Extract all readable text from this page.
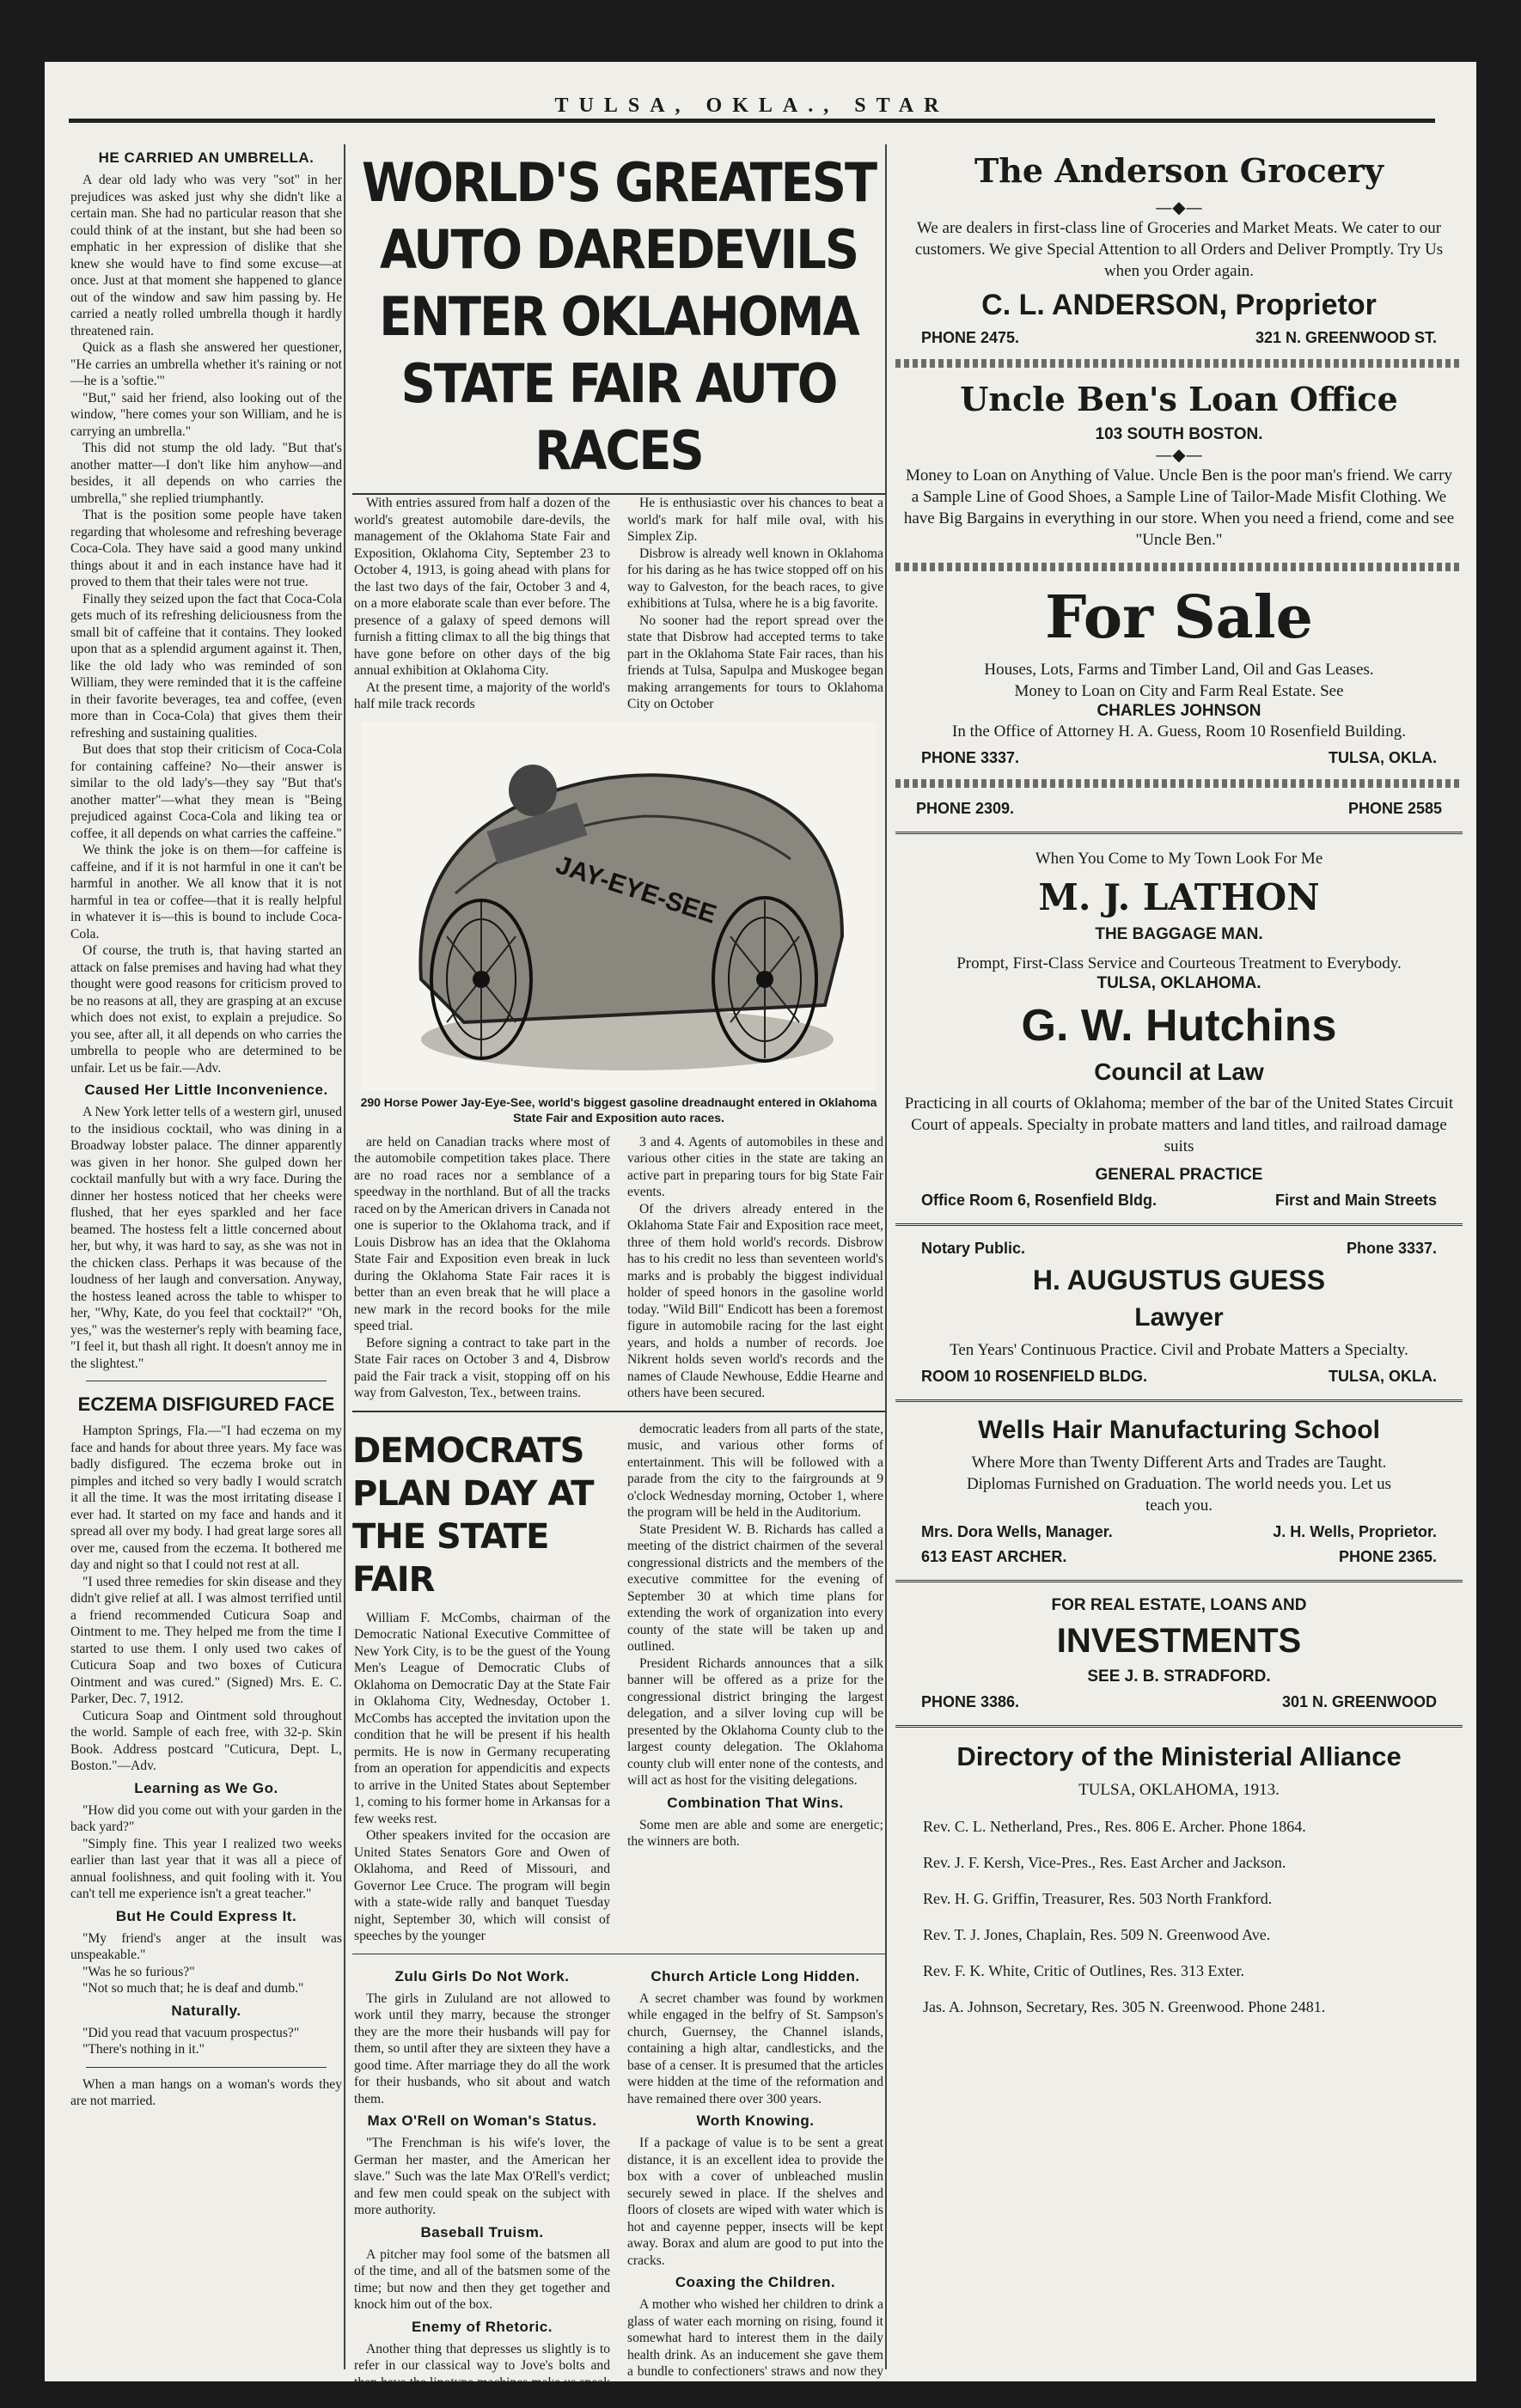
TULSA, OKLA., STAR
HE CARRIED AN UMBRELLA.

A dear old lady who was very "sot" in her prejudices was asked just why she didn't like a certain man. She had no particular reason that she could think of at the instant, but she had been so emphatic in her expression of dislike that she knew she would have to find some excuse—at once. Just at that moment she happened to glance out of the window and saw him passing by. He carried a neatly rolled umbrella though it hardly threatened rain.

Quick as a flash she answered her questioner, "He carries an umbrella whether it's raining or not—he is a 'softie.'"

"But," said her friend, also looking out of the window, "here comes your son William, and he is carrying an umbrella."

This did not stump the old lady. "But that's another matter—I don't like him anyhow—and besides, it all depends on who carries the umbrella," she replied triumphantly.

That is the position some people have taken regarding that wholesome and refreshing beverage Coca-Cola. They have said a good many unkind things about it and in each instance have had it proved to them that their tales were not true.

Finally they seized upon the fact that Coca-Cola gets much of its refreshing deliciousness from the small bit of caffeine that it contains. They looked upon that as a splendid argument against it. Then, like the old lady who was reminded of son William, they were reminded that it is the caffeine in their favorite beverages, tea and coffee, (even more than in Coca-Cola) that gives them their refreshing and sustaining qualities.

But does that stop their criticism of Coca-Cola for containing caffeine? No—their answer is similar to the old lady's—they say "But that's another matter"—what they mean is "Being prejudiced against Coca-Cola and liking tea or coffee, it all depends on what carries the caffeine."

We think the joke is on them—for caffeine is caffeine, and if it is not harmful in one it can't be harmful in another. We all know that it is not harmful in tea or coffee—that it is really helpful in whatever it is—this is bound to include Coca-Cola.

Of course, the truth is, that having started an attack on false premises and having had what they thought were good reasons for criticism proved to be no reasons at all, they are grasping at an excuse which does not exist, to explain a prejudice. So you see, after all, it all depends on who carries the umbrella to people who are determined to be unfair. Let us be fair.—Adv.

Caused Her Little Inconvenience.

A New York letter tells of a western girl, unused to the insidious cocktail, who was dining in a Broadway lobster palace. The dinner apparently was given in her honor. She gulped down her cocktail manfully but with a wry face. During the dinner her hostess noticed that her cheeks were flushed, that her eyes sparkled and her face beamed. The hostess felt a little concerned about her, but why, it was hard to say, as she was not in the chicken class. Perhaps it was because of the loudness of her laugh and conversation. Anyway, the hostess leaned across the table to whisper to her, "Why, Kate, do you feel that cocktail?" "Oh, yes," was the westerner's reply with beaming face, "I feel it, but thash all right. It doesn't annoy me in the slightest."

ECZEMA DISFIGURED FACE

Hampton Springs, Fla.—"I had eczema on my face and hands for about three years. My face was badly disfigured. The eczema broke out in pimples and itched so very badly I would scratch it all the time. It was the most irritating disease I ever had. It started on my face and hands and it spread all over my body. I had great large sores all over me, caused from the eczema. It bothered me day and night so that I could not rest at all.

"I used three remedies for skin disease and they didn't give relief at all. I was almost terrified until a friend recommended Cuticura Soap and Ointment to me. They helped me from the time I started to use them. I only used two cakes of Cuticura Soap and two boxes of Cuticura Ointment and was cured." (Signed) Mrs. E. C. Parker, Dec. 7, 1912.

Cuticura Soap and Ointment sold throughout the world. Sample of each free, with 32-p. Skin Book. Address postcard "Cuticura, Dept. L, Boston."—Adv.

Learning as We Go.

"How did you come out with your garden in the back yard?"

"Simply fine. This year I realized two weeks earlier than last year that it was all a piece of annual foolishness, and quit fooling with it. You can't tell me experience isn't a great teacher."

But He Could Express It.

"My friend's anger at the insult was unspeakable."

"Was he so furious?"

"Not so much that; he is deaf and dumb."

Naturally.

"Did you read that vacuum prospectus?"

"There's nothing in it."

When a man hangs on a woman's words they are not married.

WORLD'S GREATEST AUTO DAREDEVILS ENTER OKLAHOMA STATE FAIR AUTO RACES

With entries assured from half a dozen of the world's greatest automobile dare-devils, the management of the Oklahoma State Fair and Exposition, Oklahoma City, September 23 to October 4, 1913, is going ahead with plans for the last two days of the fair, October 3 and 4, on a more elaborate scale than ever before. The presence of a galaxy of speed demons will furnish a fitting climax to all the big things that have gone before on other days of the big annual exhibition at Oklahoma City.

At the present time, a majority of the world's half mile track records

He is enthusiastic over his chances to beat a world's mark for half mile oval, with his Simplex Zip.

Disbrow is already well known in Oklahoma for his daring as he has twice stopped off on his way to Galveston, for the beach races, to give exhibitions at Tulsa, where he is a big favorite.

No sooner had the report spread over the state that Disbrow had accepted terms to take part in the Oklahoma State Fair races, than his friends at Tulsa, Sapulpa and Muskogee began making arrangements for tours to Oklahoma City on October

JAY-EYE-SEE
290 Horse Power Jay-Eye-See, world's biggest gasoline dreadnaught entered in Oklahoma State Fair and Exposition auto races.

are held on Canadian tracks where most of the automobile competition takes place. There are no road races nor a semblance of a speedway in the northland. But of all the tracks raced on by the American drivers in Canada not one is superior to the Oklahoma track, and if Louis Disbrow has an idea that the Oklahoma State Fair and Exposition even break in luck during the Oklahoma State Fair races it is better than an even break that he will place a new mark in the record books for the mile speed trial.

Before signing a contract to take part in the State Fair races on October 3 and 4, Disbrow paid the Fair track a visit, stopping off on his way from Galveston, Tex., between trains.

3 and 4. Agents of automobiles in these and various other cities in the state are taking an active part in preparing tours for big State Fair events.

Of the drivers already entered in the Oklahoma State Fair and Exposition race meet, three of them hold world's records. Disbrow has to his credit no less than seventeen world's marks and is probably the biggest individual holder of speed honors in the gasoline world today. "Wild Bill" Endicott has been a foremost figure in automobile racing for the last eight years, and holds a number of records. Joe Nikrent holds seven world's records and the names of Claude Newhouse, Eddie Hearne and others have been secured.

DEMOCRATS PLAN DAY AT THE STATE FAIR

William F. McCombs, chairman of the Democratic National Executive Committee of New York City, is to be the guest of the Young Men's League of Democratic Clubs of Oklahoma on Democratic Day at the State Fair in Oklahoma City, Wednesday, October 1. McCombs has accepted the invitation upon the condition that he will be present if his health permits. He is now in Germany recuperating from an operation for appendicitis and expects to arrive in the United States about September 1, coming to his former home in Arkansas for a few weeks rest.

Other speakers invited for the occasion are United States Senators Gore and Owen of Oklahoma, and Reed of Missouri, and Governor Lee Cruce. The program will begin with a state-wide rally and banquet Tuesday night, September 30, which will consist of speeches by the younger

democratic leaders from all parts of the state, music, and various other forms of entertainment. This will be followed with a parade from the city to the fairgrounds at 9 o'clock Wednesday morning, October 1, where the program will be held in the Auditorium.

State President W. B. Richards has called a meeting of the district chairmen of the several congressional districts and the members of the executive committee for the evening of September 30 at which time plans for extending the work of organization into every county of the state will be taken up and outlined.

President Richards announces that a silk banner will be offered as a prize for the congressional district bringing the largest delegation, and a silver loving cup will be presented by the Oklahoma County club to the largest county delegation. The Oklahoma county club will enter none of the contests, and will act as host for the visiting delegations.

Combination That Wins.

Some men are able and some are energetic; the winners are both.

Zulu Girls Do Not Work.

The girls in Zululand are not allowed to work until they marry, because the stronger they are the more their husbands will pay for them, so until after they are sixteen they have a good time. After marriage they do all the work for their husbands, who sit about and watch them.

Max O'Rell on Woman's Status.

"The Frenchman is his wife's lover, the German her master, and the American her slave." Such was the late Max O'Rell's verdict; and few men could speak on the subject with more authority.

Baseball Truism.

A pitcher may fool some of the batsmen all of the time, and all of the batsmen some of the time; but now and then they get together and knock him out of the box.

Enemy of Rhetoric.

Another thing that depresses us slightly is to refer in our classical way to Jove's bolts and then have the linotype machines make us speak of 'em as Jones'.—Ohio State Journal.

Church Article Long Hidden.

A secret chamber was found by workmen while engaged in the belfry of St. Sampson's church, Guernsey, the Channel islands, containing a high altar, candlesticks, and the base of a censer. It is presumed that the articles were hidden at the time of the reformation and have remained there over 300 years.

Worth Knowing.

If a package of value is to be sent a great distance, it is an excellent idea to provide the box with a cover of unbleached muslin securely sewed in place. If the shelves and floors of closets are wiped with water which is hot and cayenne pepper, insects will be kept away. Borax and alum are good to put into the cracks.

Coaxing the Children.

A mother who wished her children to drink a glass of water each morning on rising, found it somewhat hard to interest them in the daily health drink. As an inducement she gave them a bundle to confectioners' straws and now they enjoy their morning drink immensely.

The Anderson Grocery
—◆—
We are dealers in first-class line of Groceries and Market Meats. We cater to our customers. We give Special Attention to all Orders and Deliver Promptly. Try Us when you Order again.
C. L. ANDERSON, Proprietor
PHONE 2475.	321 N. GREENWOOD ST.
Uncle Ben's Loan Office
103 SOUTH BOSTON.
—◆—
Money to Loan on Anything of Value. Uncle Ben is the poor man's friend. We carry a Sample Line of Good Shoes, a Sample Line of Tailor-Made Misfit Clothing. We have Big Bargains in everything in our store. When you need a friend, come and see "Uncle Ben."
For Sale
Houses, Lots, Farms and Timber Land, Oil and Gas Leases.
Money to Loan on City and Farm Real Estate. See
CHARLES JOHNSON
In the Office of Attorney H. A. Guess, Room 10 Rosenfield Building.
PHONE 3337.	TULSA, OKLA.
PHONE 2309.	PHONE 2585
When You Come to My Town Look For Me
M. J. LATHON
THE BAGGAGE MAN.
Prompt, First-Class Service and Courteous Treatment to Everybody.
TULSA, OKLAHOMA.
G. W. Hutchins
Council at Law
Practicing in all courts of Oklahoma; member of the bar of the United States Circuit Court of appeals. Specialty in probate matters and land titles, and railroad damage suits
GENERAL PRACTICE
Office Room 6, Rosenfield Bldg.	First and Main Streets
Notary Public.	Phone 3337.
H. AUGUSTUS GUESS
Lawyer
Ten Years' Continuous Practice. Civil and Probate Matters a Specialty.
ROOM 10 ROSENFIELD BLDG.	TULSA, OKLA.
Wells Hair Manufacturing School
Where More than Twenty Different Arts and Trades are Taught. Diplomas Furnished on Graduation. The world needs you. Let us teach you.
Mrs. Dora Wells, Manager.	J. H. Wells, Proprietor.
613 EAST ARCHER.	PHONE 2365.
FOR REAL ESTATE, LOANS AND
INVESTMENTS
SEE J. B. STRADFORD.
PHONE 3386.	301 N. GREENWOOD
Directory of the Ministerial Alliance
TULSA, OKLAHOMA, 1913.

Rev. C. L. Netherland, Pres., Res. 806 E. Archer. Phone 1864.

Rev. J. F. Kersh, Vice-Pres., Res. East Archer and Jackson.

Rev. H. G. Griffin, Treasurer, Res. 503 North Frankford.

Rev. T. J. Jones, Chaplain, Res. 509 N. Greenwood Ave.

Rev. F. K. White, Critic of Outlines, Res. 313 Exter.

Jas. A. Johnson, Secretary, Res. 305 N. Greenwood. Phone 2481.
